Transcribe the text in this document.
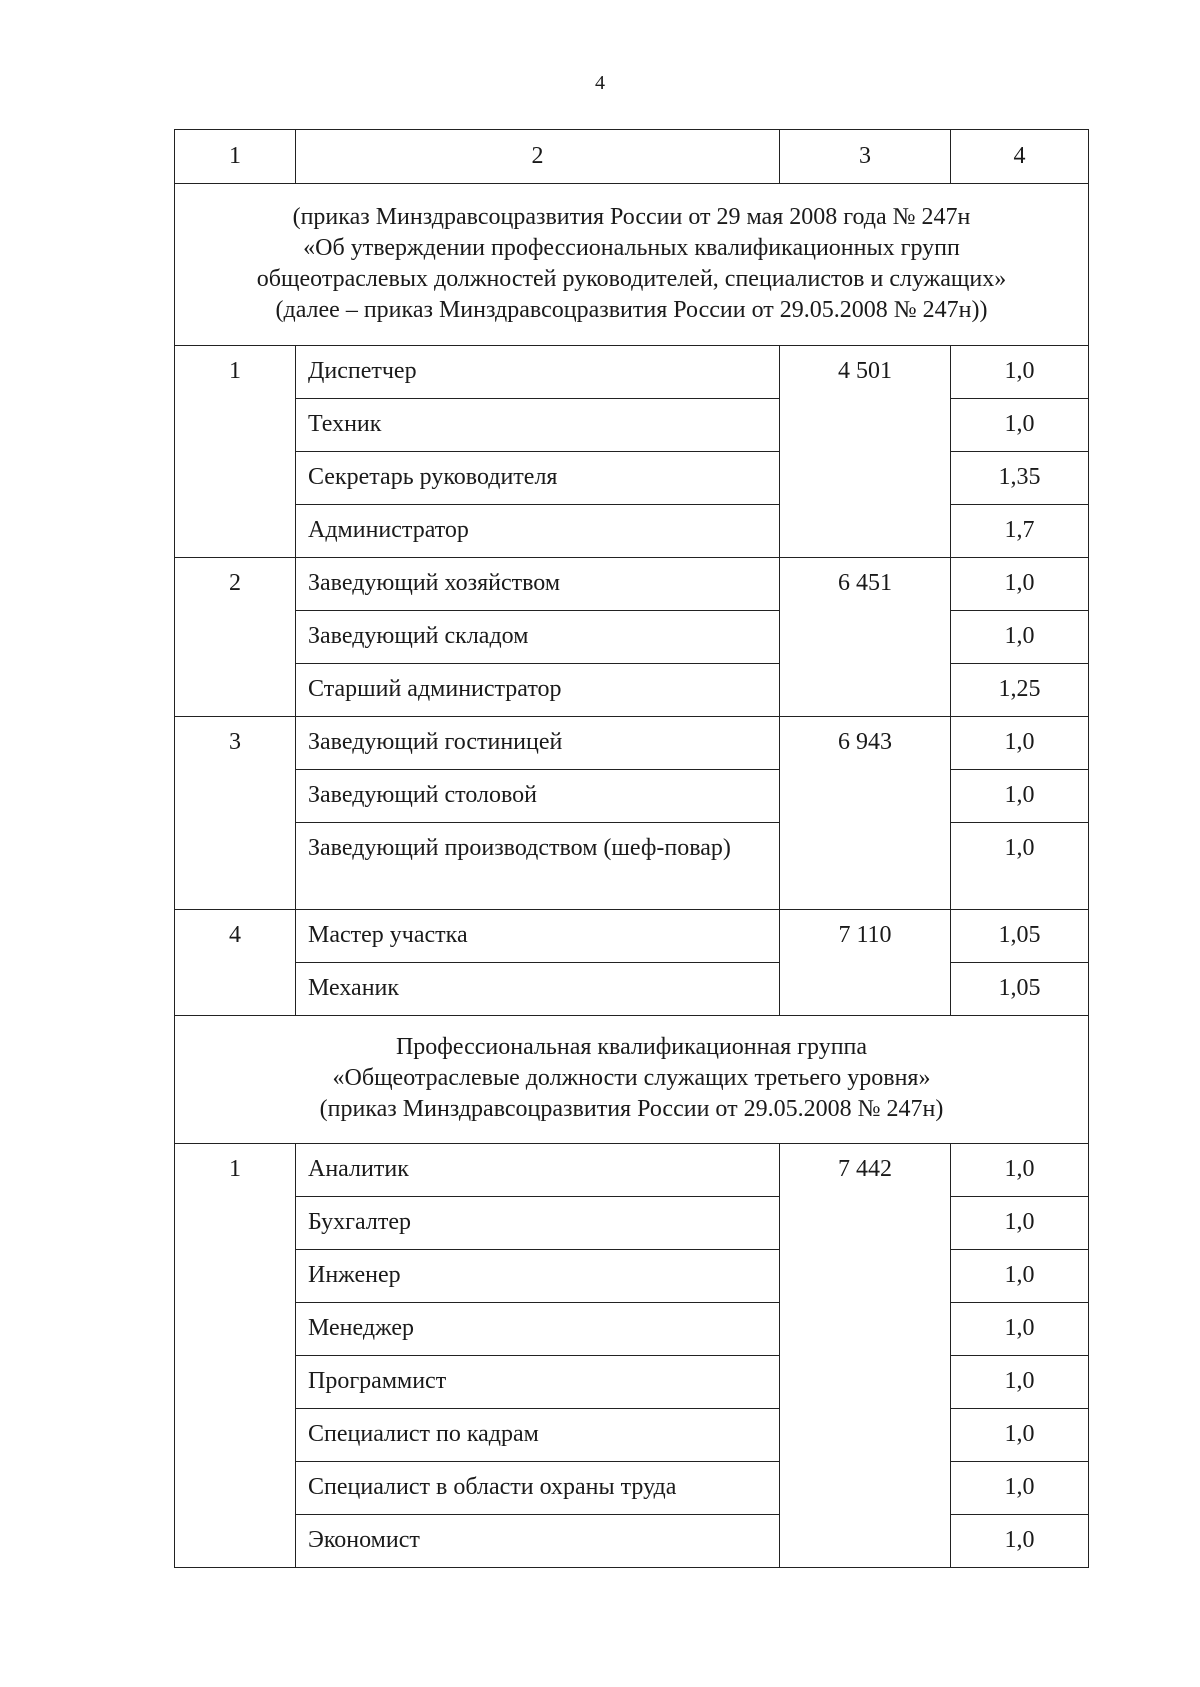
4
1	2	3	4

(приказ Минздравсоцразвития России от 29 мая 2008 года № 247н
«Об утверждении профессиональных квалификационных групп
общеотраслевых должностей руководителей, специалистов и служащих»
(далее – приказ Минздравсоцразвития России от 29.05.2008 № 247н))			

1	Диспетчер	4 501	1,0
	Техник		1,0
	Секретарь руководителя		1,35
	Администратор		1,7
2	Заведующий хозяйством	6 451	1,0
	Заведующий складом		1,0
	Старший администратор		1,25
3	Заведующий гостиницей	6 943	1,0
	Заведующий столовой		1,0
	Заведующий производством (шеф-повар)		1,0
4	Мастер участка	7 110	1,05
	Механик		1,05

Профессиональная квалификационная группа
«Общеотраслевые должности служащих третьего уровня»
(приказ Минздравсоцразвития России от 29.05.2008 № 247н)			

1	Аналитик	7 442	1,0
	Бухгалтер		1,0
	Инженер		1,0
	Менеджер		1,0
	Программист		1,0
	Специалист по кадрам		1,0
	Специалист в области охраны труда		1,0
	Экономист		1,0
